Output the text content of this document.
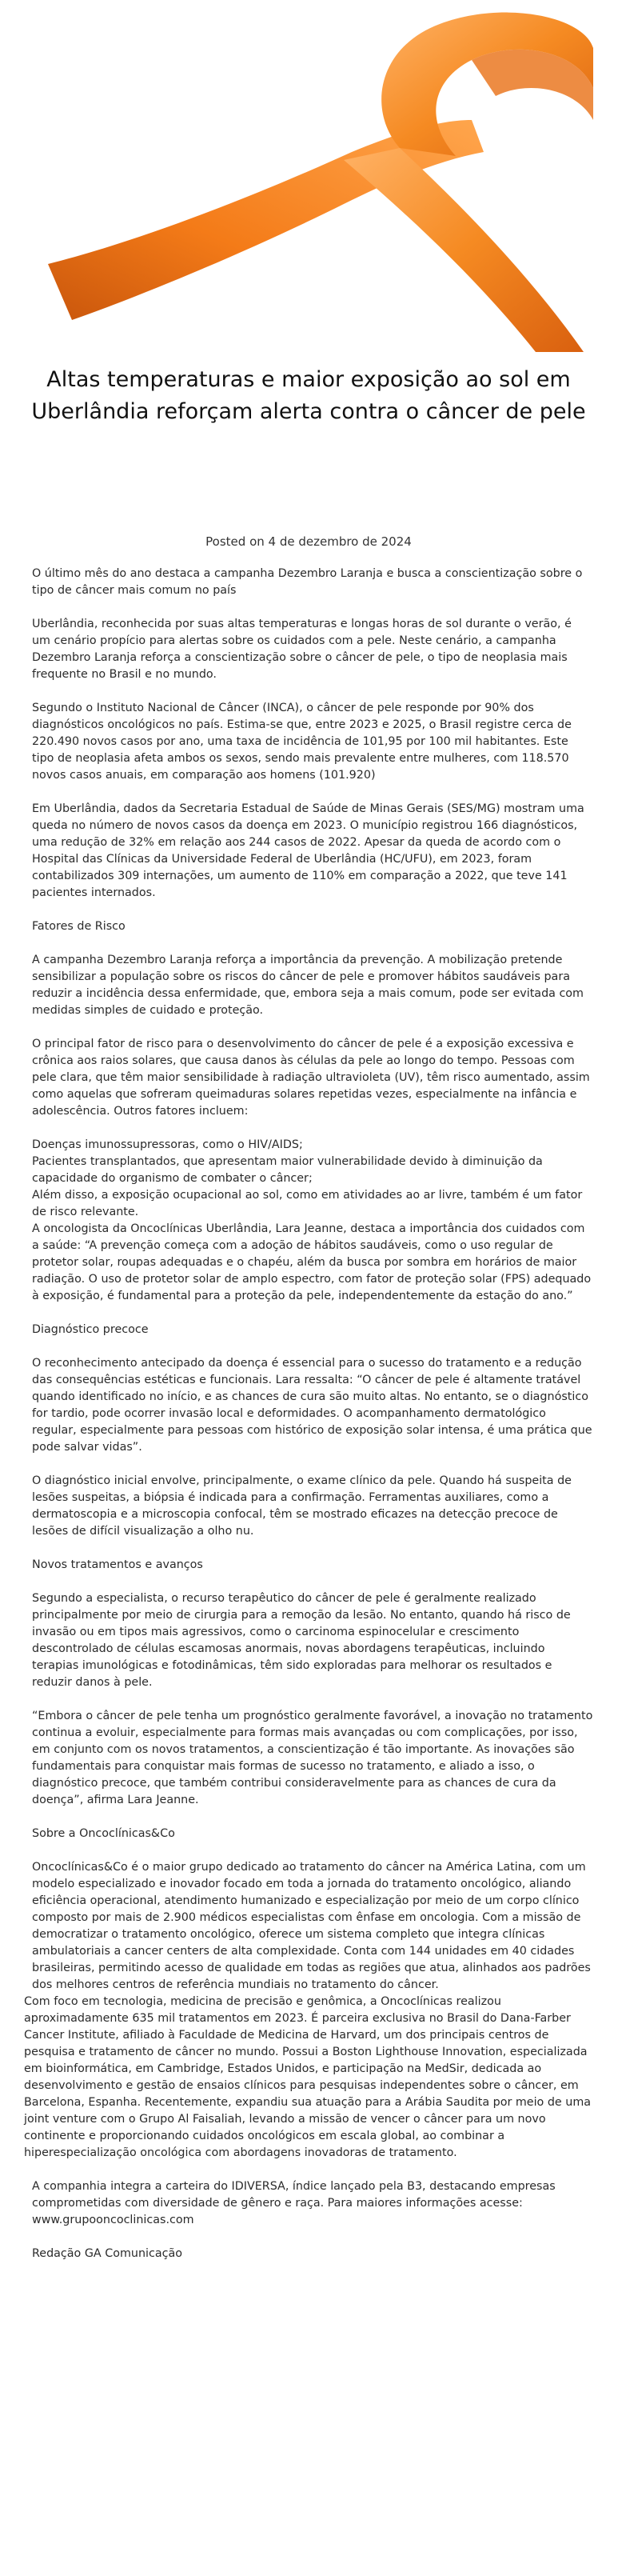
Altas temperaturas e maior exposição ao sol em Uberlândia reforçam alerta contra o câncer de pele
Posted on 4 de dezembro de 2024

O último mês do ano destaca a campanha Dezembro Laranja e busca a conscientização sobre o tipo de câncer mais comum no país

Uberlândia, reconhecida por suas altas temperaturas e longas horas de sol durante o verão, é um cenário propício para alertas sobre os cuidados com a pele. Neste cenário, a campanha Dezembro Laranja reforça a conscientização sobre o câncer de pele, o tipo de neoplasia mais frequente no Brasil e no mundo.

Segundo o Instituto Nacional de Câncer (INCA), o câncer de pele responde por 90% dos diagnósticos oncológicos no país. Estima-se que, entre 2023 e 2025, o Brasil registre cerca de 220.490 novos casos por ano, uma taxa de incidência de 101,95 por 100 mil habitantes. Este tipo de neoplasia afeta ambos os sexos, sendo mais prevalente entre mulheres, com 118.570 novos casos anuais, em comparação aos homens (101.920)

Em Uberlândia, dados da Secretaria Estadual de Saúde de Minas Gerais (SES/MG) mostram uma queda no número de novos casos da doença em 2023. O município registrou 166 diagnósticos, uma redução de 32% em relação aos 244 casos de 2022. Apesar da queda de acordo com o Hospital das Clínicas da Universidade Federal de Uberlândia (HC/UFU), em 2023, foram contabilizados 309 internações, um aumento de 110% em comparação a 2022, que teve 141 pacientes internados.

Fatores de Risco

A campanha Dezembro Laranja reforça a importância da prevenção. A mobilização pretende sensibilizar a população sobre os riscos do câncer de pele e promover hábitos saudáveis para reduzir a incidência dessa enfermidade, que, embora seja a mais comum, pode ser evitada com medidas simples de cuidado e proteção.

O principal fator de risco para o desenvolvimento do câncer de pele é a exposição excessiva e crônica aos raios solares, que causa danos às células da pele ao longo do tempo. Pessoas com pele clara, que têm maior sensibilidade à radiação ultravioleta (UV), têm risco aumentado, assim como aquelas que sofreram queimaduras solares repetidas vezes, especialmente na infância e adolescência. Outros fatores incluem:

Doenças imunossupressoras, como o HIV/AIDS;

Pacientes transplantados, que apresentam maior vulnerabilidade devido à diminuição da capacidade do organismo de combater o câncer;

Além disso, a exposição ocupacional ao sol, como em atividades ao ar livre, também é um fator de risco relevante.

A oncologista da Oncoclínicas Uberlândia, Lara Jeanne, destaca a importância dos cuidados com a saúde: “A prevenção começa com a adoção de hábitos saudáveis, como o uso regular de protetor solar, roupas adequadas e o chapéu, além da busca por sombra em horários de maior radiação. O uso de protetor solar de amplo espectro, com fator de proteção solar (FPS) adequado à exposição, é fundamental para a proteção da pele, independentemente da estação do ano.”

Diagnóstico precoce

O reconhecimento antecipado da doença é essencial para o sucesso do tratamento e a redução das consequências estéticas e funcionais. Lara ressalta: “O câncer de pele é altamente tratável quando identificado no início, e as chances de cura são muito altas. No entanto, se o diagnóstico for tardio, pode ocorrer invasão local e deformidades. O acompanhamento dermatológico regular, especialmente para pessoas com histórico de exposição solar intensa, é uma prática que pode salvar vidas”.

O diagnóstico inicial envolve, principalmente, o exame clínico da pele. Quando há suspeita de lesões suspeitas, a biópsia é indicada para a confirmação. Ferramentas auxiliares, como a dermatoscopia e a microscopia confocal, têm se mostrado eficazes na detecção precoce de lesões de difícil visualização a olho nu.

Novos tratamentos e avanços

Segundo a especialista, o recurso terapêutico do câncer de pele é geralmente realizado principalmente por meio de cirurgia para a remoção da lesão. No entanto, quando há risco de invasão ou em tipos mais agressivos, como o carcinoma espinocelular e crescimento descontrolado de células escamosas anormais, novas abordagens terapêuticas, incluindo terapias imunológicas e fotodinâmicas, têm sido exploradas para melhorar os resultados e reduzir danos à pele.

“Embora o câncer de pele tenha um prognóstico geralmente favorável, a inovação no tratamento continua a evoluir, especialmente para formas mais avançadas ou com complicações, por isso, em conjunto com os novos tratamentos, a conscientização é tão importante. As inovações são fundamentais para conquistar mais formas de sucesso no tratamento, e aliado a isso, o diagnóstico precoce, que também contribui consideravelmente para as chances de cura da doença”, afirma Lara Jeanne.

Sobre a Oncoclínicas&Co

Oncoclínicas&Co é o maior grupo dedicado ao tratamento do câncer na América Latina, com um modelo especializado e inovador focado em toda a jornada do tratamento oncológico, aliando eficiência operacional, atendimento humanizado e especialização por meio de um corpo clínico composto por mais de 2.900 médicos especialistas com ênfase em oncologia. Com a missão de democratizar o tratamento oncológico, oferece um sistema completo que integra clínicas ambulatoriais a cancer centers de alta complexidade. Conta com 144 unidades em 40 cidades brasileiras, permitindo acesso de qualidade em todas as regiões que atua, alinhados aos padrões dos melhores centros de referência mundiais no tratamento do câncer.

Com foco em tecnologia, medicina de precisão e genômica, a Oncoclínicas realizou aproximadamente 635 mil tratamentos em 2023. É parceira exclusiva no Brasil do Dana-Farber Cancer Institute, afiliado à Faculdade de Medicina de Harvard, um dos principais centros de pesquisa e tratamento de câncer no mundo. Possui a Boston Lighthouse Innovation, especializada em bioinformática, em Cambridge, Estados Unidos, e participação na MedSir, dedicada ao desenvolvimento e gestão de ensaios clínicos para pesquisas independentes sobre o câncer, em Barcelona, Espanha. Recentemente, expandiu sua atuação para a Arábia Saudita por meio de uma joint venture com o Grupo Al Faisaliah, levando a missão de vencer o câncer para um novo continente e proporcionando cuidados oncológicos em escala global, ao combinar a hiperespecialização oncológica com abordagens inovadoras de tratamento.

A companhia integra a carteira do IDIVERSA, índice lançado pela B3, destacando empresas comprometidas com diversidade de gênero e raça. Para maiores informações acesse: www.grupooncoclinicas.com

Redação GA Comunicação
